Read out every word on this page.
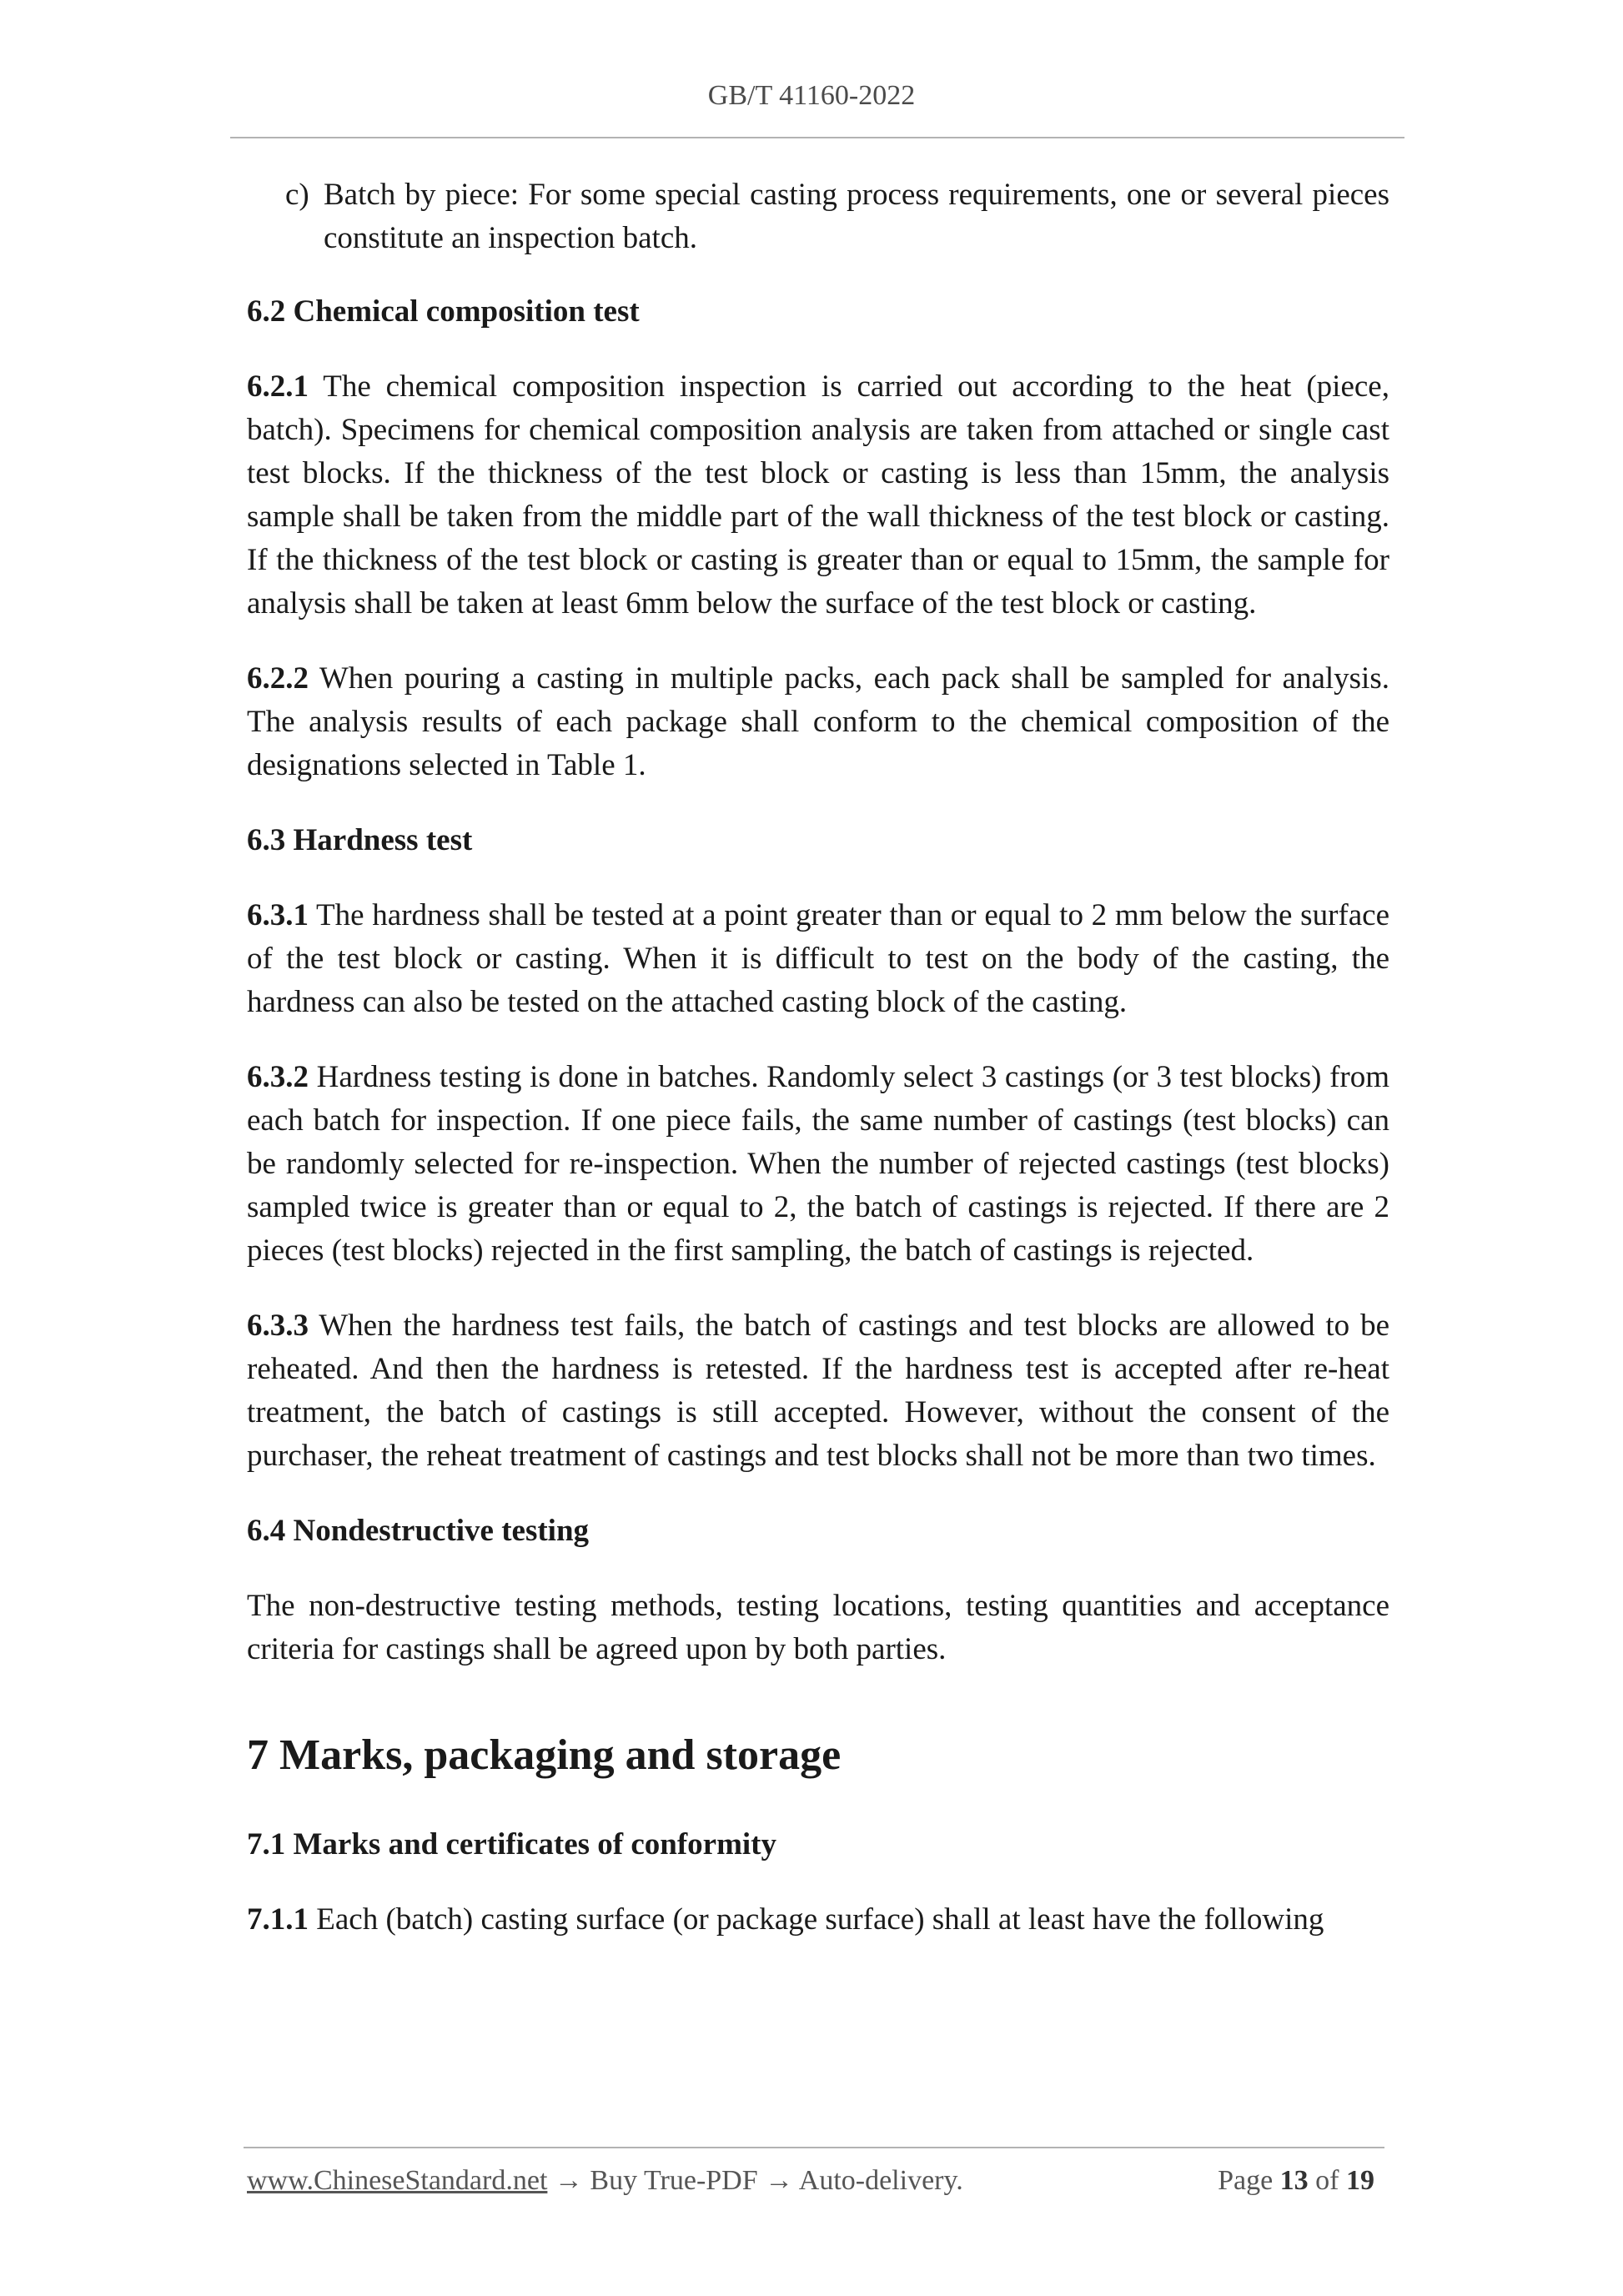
GB/T 41160-2022

c) Batch by piece: For some special casting process requirements, one or several pieces constitute an inspection batch.

6.2 Chemical composition test

6.2.1 The chemical composition inspection is carried out according to the heat (piece, batch). Specimens for chemical composition analysis are taken from attached or single cast test blocks. If the thickness of the test block or casting is less than 15mm, the analysis sample shall be taken from the middle part of the wall thickness of the test block or casting. If the thickness of the test block or casting is greater than or equal to 15mm, the sample for analysis shall be taken at least 6mm below the surface of the test block or casting.

6.2.2 When pouring a casting in multiple packs, each pack shall be sampled for analysis. The analysis results of each package shall conform to the chemical composition of the designations selected in Table 1.

6.3 Hardness test

6.3.1 The hardness shall be tested at a point greater than or equal to 2 mm below the surface of the test block or casting. When it is difficult to test on the body of the casting, the hardness can also be tested on the attached casting block of the casting.

6.3.2 Hardness testing is done in batches. Randomly select 3 castings (or 3 test blocks) from each batch for inspection. If one piece fails, the same number of castings (test blocks) can be randomly selected for re-inspection. When the number of rejected castings (test blocks) sampled twice is greater than or equal to 2, the batch of castings is rejected. If there are 2 pieces (test blocks) rejected in the first sampling, the batch of castings is rejected.

6.3.3 When the hardness test fails, the batch of castings and test blocks are allowed to be reheated. And then the hardness is retested. If the hardness test is accepted after re-heat treatment, the batch of castings is still accepted. However, without the consent of the purchaser, the reheat treatment of castings and test blocks shall not be more than two times.

6.4 Nondestructive testing

The non-destructive testing methods, testing locations, testing quantities and acceptance criteria for castings shall be agreed upon by both parties.

7 Marks, packaging and storage
7.1 Marks and certificates of conformity

7.1.1 Each (batch) casting surface (or package surface) shall at least have the following

www.ChineseStandard.net → Buy True-PDF → Auto-delivery.	Page 13 of 19
